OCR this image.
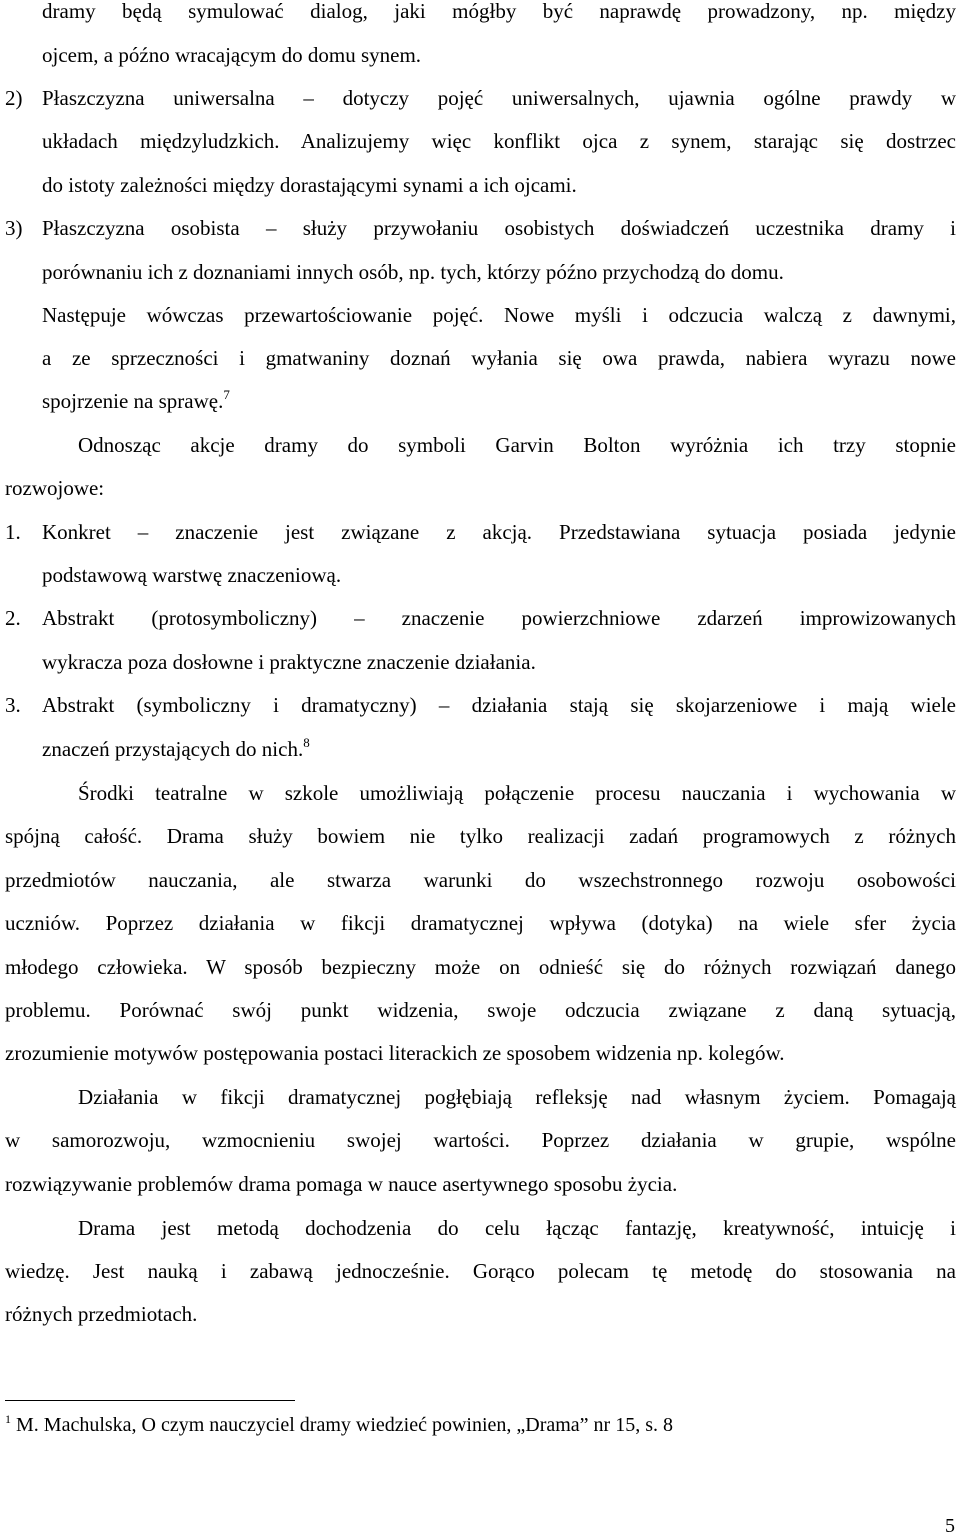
dramy będą symulować dialog, jaki mógłby być naprawdę prowadzony, np. między
ojcem, a późno wracającym do domu synem.
2) Płaszczyzna uniwersalna – dotyczy pojęć uniwersalnych, ujawnia ogólne prawdy w
układach międzyludzkich. Analizujemy więc konflikt ojca z synem, starając się dostrzec
do istoty zależności między dorastającymi synami a ich ojcami.
3) Płaszczyzna osobista – służy przywołaniu osobistych doświadczeń uczestnika dramy i
porównaniu ich z doznaniami innych osób, np. tych, którzy późno przychodzą do domu.
Następuje wówczas przewartościowanie pojęć. Nowe myśli i odczucia walczą z dawnymi,
a ze sprzeczności i gmatwaniny doznań wyłania się owa prawda, nabiera wyrazu nowe
spojrzenie na sprawę.$^7$
Odnosząc akcje dramy do symboli Garvin Bolton wyróżnia ich trzy stopnie
rozwojowe:
1. Konkret – znaczenie jest związane z akcją. Przedstawiana sytuacja posiada jedynie
podstawową warstwę znaczeniową.
2. Abstrakt (protosymboliczny) – znaczenie powierzchniowe zdarzeń improwizowanych
wykracza poza dosłowne i praktyczne znaczenie działania.
3. Abstrakt (symboliczny i dramatyczny) – działania stają się skojarzeniowe i mają wiele
znaczeń przystających do nich.$^8$
Środki teatralne w szkole umożliwiają połączenie procesu nauczania i wychowania w
spójną całość. Drama służy bowiem nie tylko realizacji zadań programowych z różnych
przedmiotów nauczania, ale stwarza warunki do wszechstronnego rozwoju osobowości
uczniów. Poprzez działania w fikcji dramatycznej wpływa (dotyka) na wiele sfer życia
młodego człowieka. W sposób bezpieczny może on odnieść się do różnych rozwiązań danego
problemu. Porównać swój punkt widzenia, swoje odczucia związane z daną sytuacją,
zrozumienie motywów postępowania postaci literackich ze sposobem widzenia np. kolegów.
Działania w fikcji dramatycznej pogłębiają refleksję nad własnym życiem. Pomagają
w samorozwoju, wzmocnieniu swojej wartości. Poprzez działania w grupie, wspólne
rozwiązywanie problemów drama pomaga w nauce asertywnego sposobu życia.
Drama jest metodą dochodzenia do celu łącząc fantazję, kreatywność, intuicję i
wiedzę. Jest nauką i zabawą jednocześnie. Gorąco polecam tę metodę do stosowania na
różnych przedmiotach.
$^1$ M. Machulska, O czym nauczyciel dramy wiedzieć powinien, „Drama” nr 15, s. 8
5
